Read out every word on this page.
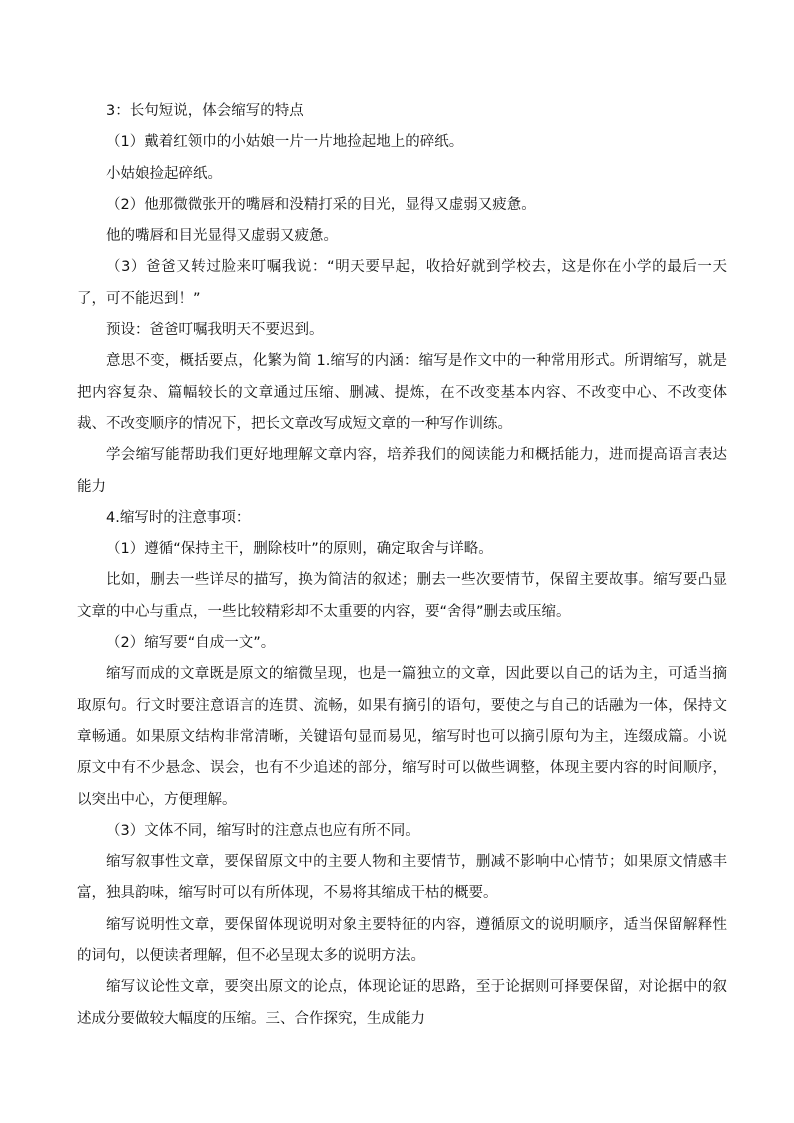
3：长句短说，体会缩写的特点

（1）戴着红领巾的小姑娘一片一片地捡起地上的碎纸。

小姑娘捡起碎纸。

（2）他那微微张开的嘴唇和没精打采的目光，显得又虚弱又疲惫。

他的嘴唇和目光显得又虚弱又疲惫。

（3）爸爸又转过脸来叮嘱我说：“明天要早起，收拾好就到学校去，这是你在小学的最后一天了，可不能迟到！”

预设：爸爸叮嘱我明天不要迟到。

意思不变，概括要点，化繁为简 1.缩写的内涵：缩写是作文中的一种常用形式。所谓缩写，就是把内容复杂、篇幅较长的文章通过压缩、删减、提炼，在不改变基本内容、不改变中心、不改变体裁、不改变顺序的情况下，把长文章改写成短文章的一种写作训练。

学会缩写能帮助我们更好地理解文章内容，培养我们的阅读能力和概括能力，进而提高语言表达能力

4.缩写时的注意事项：

（1）遵循“保持主干，删除枝叶”的原则，确定取舍与详略。

比如，删去一些详尽的描写，换为简洁的叙述；删去一些次要情节，保留主要故事。缩写要凸显文章的中心与重点，一些比较精彩却不太重要的内容，要“舍得”删去或压缩。

（2）缩写要“自成一文”。

缩写而成的文章既是原文的缩微呈现，也是一篇独立的文章，因此要以自己的话为主，可适当摘取原句。行文时要注意语言的连贯、流畅，如果有摘引的语句，要使之与自己的话融为一体，保持文章畅通。如果原文结构非常清晰，关键语句显而易见，缩写时也可以摘引原句为主，连缀成篇。小说原文中有不少悬念、误会，也有不少追述的部分，缩写时可以做些调整，体现主要内容的时间顺序，以突出中心，方便理解。

（3）文体不同，缩写时的注意点也应有所不同。

缩写叙事性文章，要保留原文中的主要人物和主要情节，删减不影响中心情节；如果原文情感丰富，独具韵味，缩写时可以有所体现，不易将其缩成干枯的概要。

缩写说明性文章，要保留体现说明对象主要特征的内容，遵循原文的说明顺序，适当保留解释性的词句，以便读者理解，但不必呈现太多的说明方法。

缩写议论性文章，要突出原文的论点，体现论证的思路，至于论据则可择要保留，对论据中的叙述成分要做较大幅度的压缩。三、合作探究，生成能力
